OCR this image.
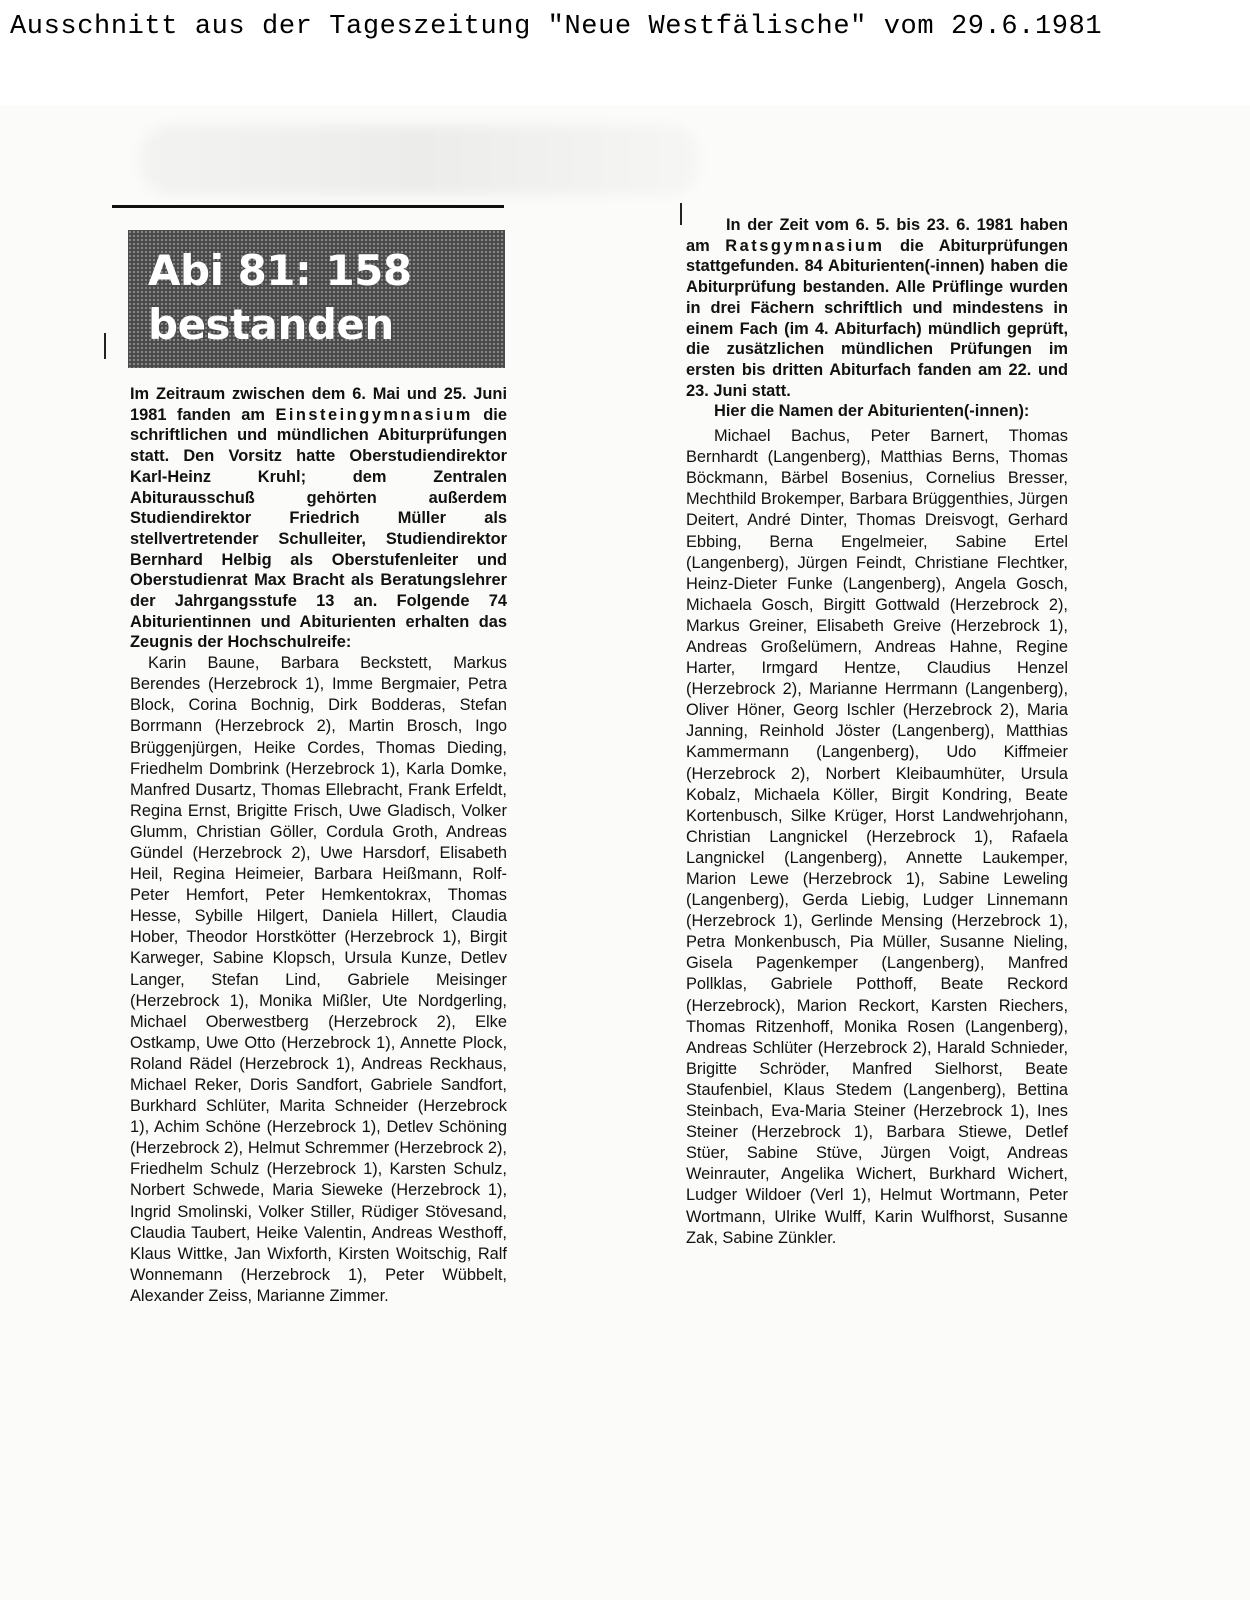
Ausschnitt aus der Tageszeitung "Neue Westfälische" vom 29.6.1981
Abi 81: 158 bestanden

Im Zeitraum zwischen dem 6. Mai und 25. Juni 1981 fanden am Einsteingymnasium die schriftlichen und mündlichen Abiturprüfungen statt. Den Vorsitz hatte Oberstudiendirektor Karl-Heinz Kruhl; dem Zentralen Abiturausschuß gehörten außerdem Studiendirektor Friedrich Müller als stellvertretender Schulleiter, Studiendirektor Bernhard Helbig als Oberstufenleiter und Oberstudienrat Max Bracht als Beratungslehrer der Jahrgangsstufe 13 an. Folgende 74 Abiturientinnen und Abiturienten erhalten das Zeugnis der Hochschulreife:

Karin Baune, Barbara Beckstett, Markus Berendes (Herzebrock 1), Imme Bergmaier, Petra Block, Corina Bochnig, Dirk Bodderas, Stefan Borrmann (Herzebrock 2), Martin Brosch, Ingo Brüggenjürgen, Heike Cordes, Thomas Dieding, Friedhelm Dombrink (Herzebrock 1), Karla Domke, Manfred Dusartz, Thomas Ellebracht, Frank Erfeldt, Regina Ernst, Brigitte Frisch, Uwe Gladisch, Volker Glumm, Christian Göller, Cordula Groth, Andreas Gündel (Herzebrock 2), Uwe Harsdorf, Elisabeth Heil, Regina Heimeier, Barbara Heißmann, Rolf-Peter Hemfort, Peter Hemkentokrax, Thomas Hesse, Sybille Hilgert, Daniela Hillert, Claudia Hober, Theodor Horstkötter (Herzebrock 1), Birgit Karweger, Sabine Klopsch, Ursula Kunze, Detlev Langer, Stefan Lind, Gabriele Meisinger (Herzebrock 1), Monika Mißler, Ute Nordgerling, Michael Oberwestberg (Herzebrock 2), Elke Ostkamp, Uwe Otto (Herzebrock 1), Annette Plock, Roland Rädel (Herzebrock 1), Andreas Reckhaus, Michael Reker, Doris Sandfort, Gabriele Sandfort, Burkhard Schlüter, Marita Schneider (Herzebrock 1), Achim Schöne (Herzebrock 1), Detlev Schöning (Herzebrock 2), Helmut Schremmer (Herzebrock 2), Friedhelm Schulz (Herzebrock 1), Karsten Schulz, Norbert Schwede, Maria Sieweke (Herzebrock 1), Ingrid Smolinski, Volker Stiller, Rüdiger Stövesand, Claudia Taubert, Heike Valentin, Andreas Westhoff, Klaus Wittke, Jan Wixforth, Kirsten Woitschig, Ralf Wonnemann (Herzebrock 1), Peter Wübbelt, Alexander Zeiss, Marianne Zimmer.

In der Zeit vom 6. 5. bis 23. 6. 1981 haben am Ratsgymnasium die Abiturprüfungen stattgefunden. 84 Abiturienten(-innen) haben die Abiturprüfung bestanden. Alle Prüflinge wurden in drei Fächern schriftlich und mindestens in einem Fach (im 4. Abiturfach) mündlich geprüft, die zusätzlichen mündlichen Prüfungen im ersten bis dritten Abiturfach fanden am 22. und 23. Juni statt.

Hier die Namen der Abiturienten(-innen):

Michael Bachus, Peter Barnert, Thomas Bernhardt (Langenberg), Matthias Berns, Thomas Böckmann, Bärbel Bosenius, Cornelius Bresser, Mechthild Brokemper, Barbara Brüggenthies, Jürgen Deitert, André Dinter, Thomas Dreisvogt, Gerhard Ebbing, Berna Engelmeier, Sabine Ertel (Langenberg), Jürgen Feindt, Christiane Flechtker, Heinz-Dieter Funke (Langenberg), Angela Gosch, Michaela Gosch, Birgitt Gottwald (Herzebrock 2), Markus Greiner, Elisabeth Greive (Herzebrock 1), Andreas Großelümern, Andreas Hahne, Regine Harter, Irmgard Hentze, Claudius Henzel (Herzebrock 2), Marianne Herrmann (Langenberg), Oliver Höner, Georg Ischler (Herzebrock 2), Maria Janning, Reinhold Jöster (Langenberg), Matthias Kammermann (Langenberg), Udo Kiffmeier (Herzebrock 2), Norbert Kleibaumhüter, Ursula Kobalz, Michaela Köller, Birgit Kondring, Beate Kortenbusch, Silke Krüger, Horst Landwehrjohann, Christian Langnickel (Herzebrock 1), Rafaela Langnickel (Langenberg), Annette Laukemper, Marion Lewe (Herzebrock 1), Sabine Leweling (Langenberg), Gerda Liebig, Ludger Linnemann (Herzebrock 1), Gerlinde Mensing (Herzebrock 1), Petra Monkenbusch, Pia Müller, Susanne Nieling, Gisela Pagenkemper (Langenberg), Manfred Pollklas, Gabriele Potthoff, Beate Reckord (Herzebrock), Marion Reckort, Karsten Riechers, Thomas Ritzenhoff, Monika Rosen (Langenberg), Andreas Schlüter (Herzebrock 2), Harald Schnieder, Brigitte Schröder, Manfred Sielhorst, Beate Staufenbiel, Klaus Stedem (Langenberg), Bettina Steinbach, Eva-Maria Steiner (Herzebrock 1), Ines Steiner (Herzebrock 1), Barbara Stiewe, Detlef Stüer, Sabine Stüve, Jürgen Voigt, Andreas Weinrauter, Angelika Wichert, Burkhard Wichert, Ludger Wildoer (Verl 1), Helmut Wortmann, Peter Wortmann, Ulrike Wulff, Karin Wulfhorst, Susanne Zak, Sabine Zünkler.
